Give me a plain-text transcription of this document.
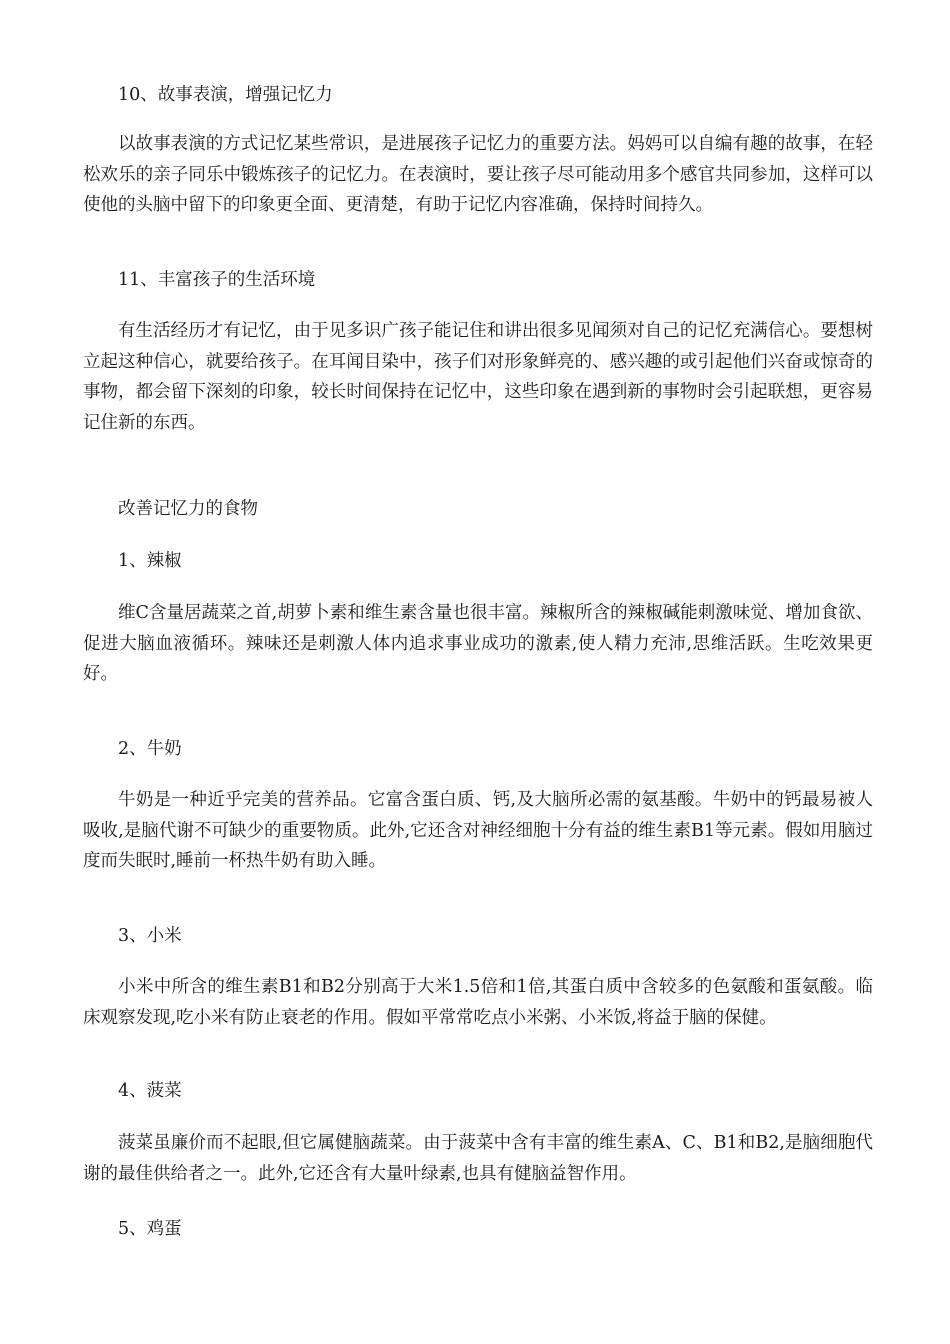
10、故事表演，增强记忆力

以故事表演的方式记忆某些常识，是进展孩子记忆力的重要方法。妈妈可以自编有趣的故事，在轻松欢乐的亲子同乐中锻炼孩子的记忆力。在表演时，要让孩子尽可能动用多个感官共同参加，这样可以使他的头脑中留下的印象更全面、更清楚，有助于记忆内容准确，保持时间持久。

11、丰富孩子的生活环境

有生活经历才有记忆，由于见多识广孩子能记住和讲出很多见闻须对自己的记忆充满信心。要想树立起这种信心，就要给孩子。在耳闻目染中，孩子们对形象鲜亮的、感兴趣的或引起他们兴奋或惊奇的事物，都会留下深刻的印象，较长时间保持在记忆中，这些印象在遇到新的事物时会引起联想，更容易记住新的东西。

改善记忆力的食物

1、辣椒

维C含量居蔬菜之首,胡萝卜素和维生素含量也很丰富。辣椒所含的辣椒碱能刺激味觉、增加食欲、促进大脑血液循环。辣味还是刺激人体内追求事业成功的激素,使人精力充沛,思维活跃。生吃效果更好。

2、牛奶

牛奶是一种近乎完美的营养品。它富含蛋白质、钙,及大脑所必需的氨基酸。牛奶中的钙最易被人吸收,是脑代谢不可缺少的重要物质。此外,它还含对神经细胞十分有益的维生素B1等元素。假如用脑过度而失眠时,睡前一杯热牛奶有助入睡。

3、小米

小米中所含的维生素B1和B2分别高于大米1.5倍和1倍,其蛋白质中含较多的色氨酸和蛋氨酸。临床观察发现,吃小米有防止衰老的作用。假如平常常吃点小米粥、小米饭,将益于脑的保健。

4、菠菜

菠菜虽廉价而不起眼,但它属健脑蔬菜。由于菠菜中含有丰富的维生素A、C、B1和B2,是脑细胞代谢的最佳供给者之一。此外,它还含有大量叶绿素,也具有健脑益智作用。

5、鸡蛋
